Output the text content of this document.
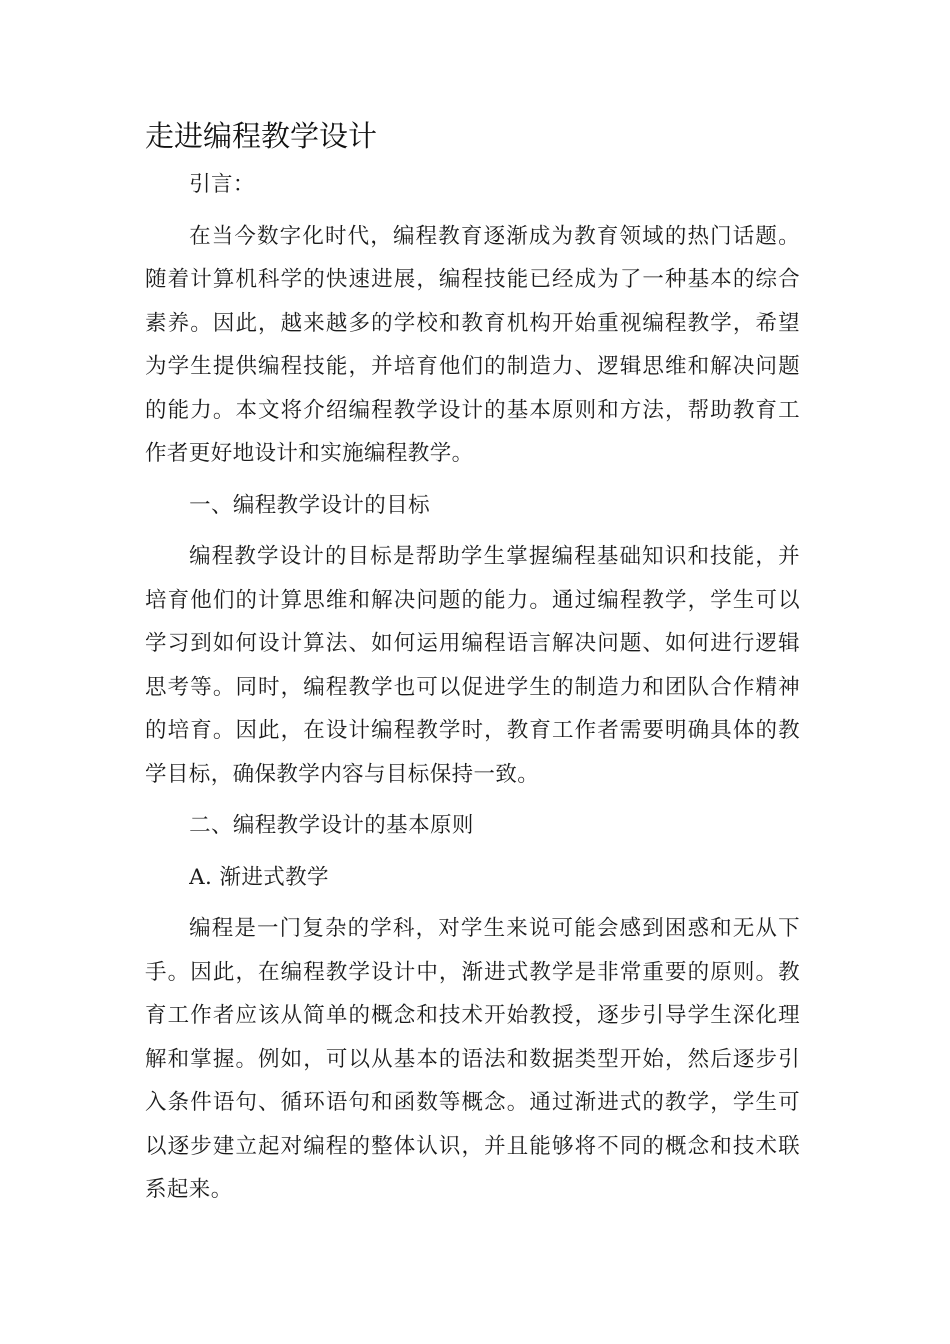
走进编程教学设计

引言：

在当今数字化时代，编程教育逐渐成为教育领域的热门话题。随着计算机科学的快速进展，编程技能已经成为了一种基本的综合素养。因此，越来越多的学校和教育机构开始重视编程教学，希望为学生提供编程技能，并培育他们的制造力、逻辑思维和解决问题的能力。本文将介绍编程教学设计的基本原则和方法，帮助教育工作者更好地设计和实施编程教学。

一、编程教学设计的目标

编程教学设计的目标是帮助学生掌握编程基础知识和技能，并培育他们的计算思维和解决问题的能力。通过编程教学，学生可以学习到如何设计算法、如何运用编程语言解决问题、如何进行逻辑思考等。同时，编程教学也可以促进学生的制造力和团队合作精神的培育。因此，在设计编程教学时，教育工作者需要明确具体的教学目标，确保教学内容与目标保持一致。

二、编程教学设计的基本原则

A. 渐进式教学

编程是一门复杂的学科，对学生来说可能会感到困惑和无从下手。因此，在编程教学设计中，渐进式教学是非常重要的原则。教育工作者应该从简单的概念和技术开始教授，逐步引导学生深化理解和掌握。例如，可以从基本的语法和数据类型开始，然后逐步引入条件语句、循环语句和函数等概念。通过渐进式的教学，学生可以逐步建立起对编程的整体认识，并且能够将不同的概念和技术联系起来。
